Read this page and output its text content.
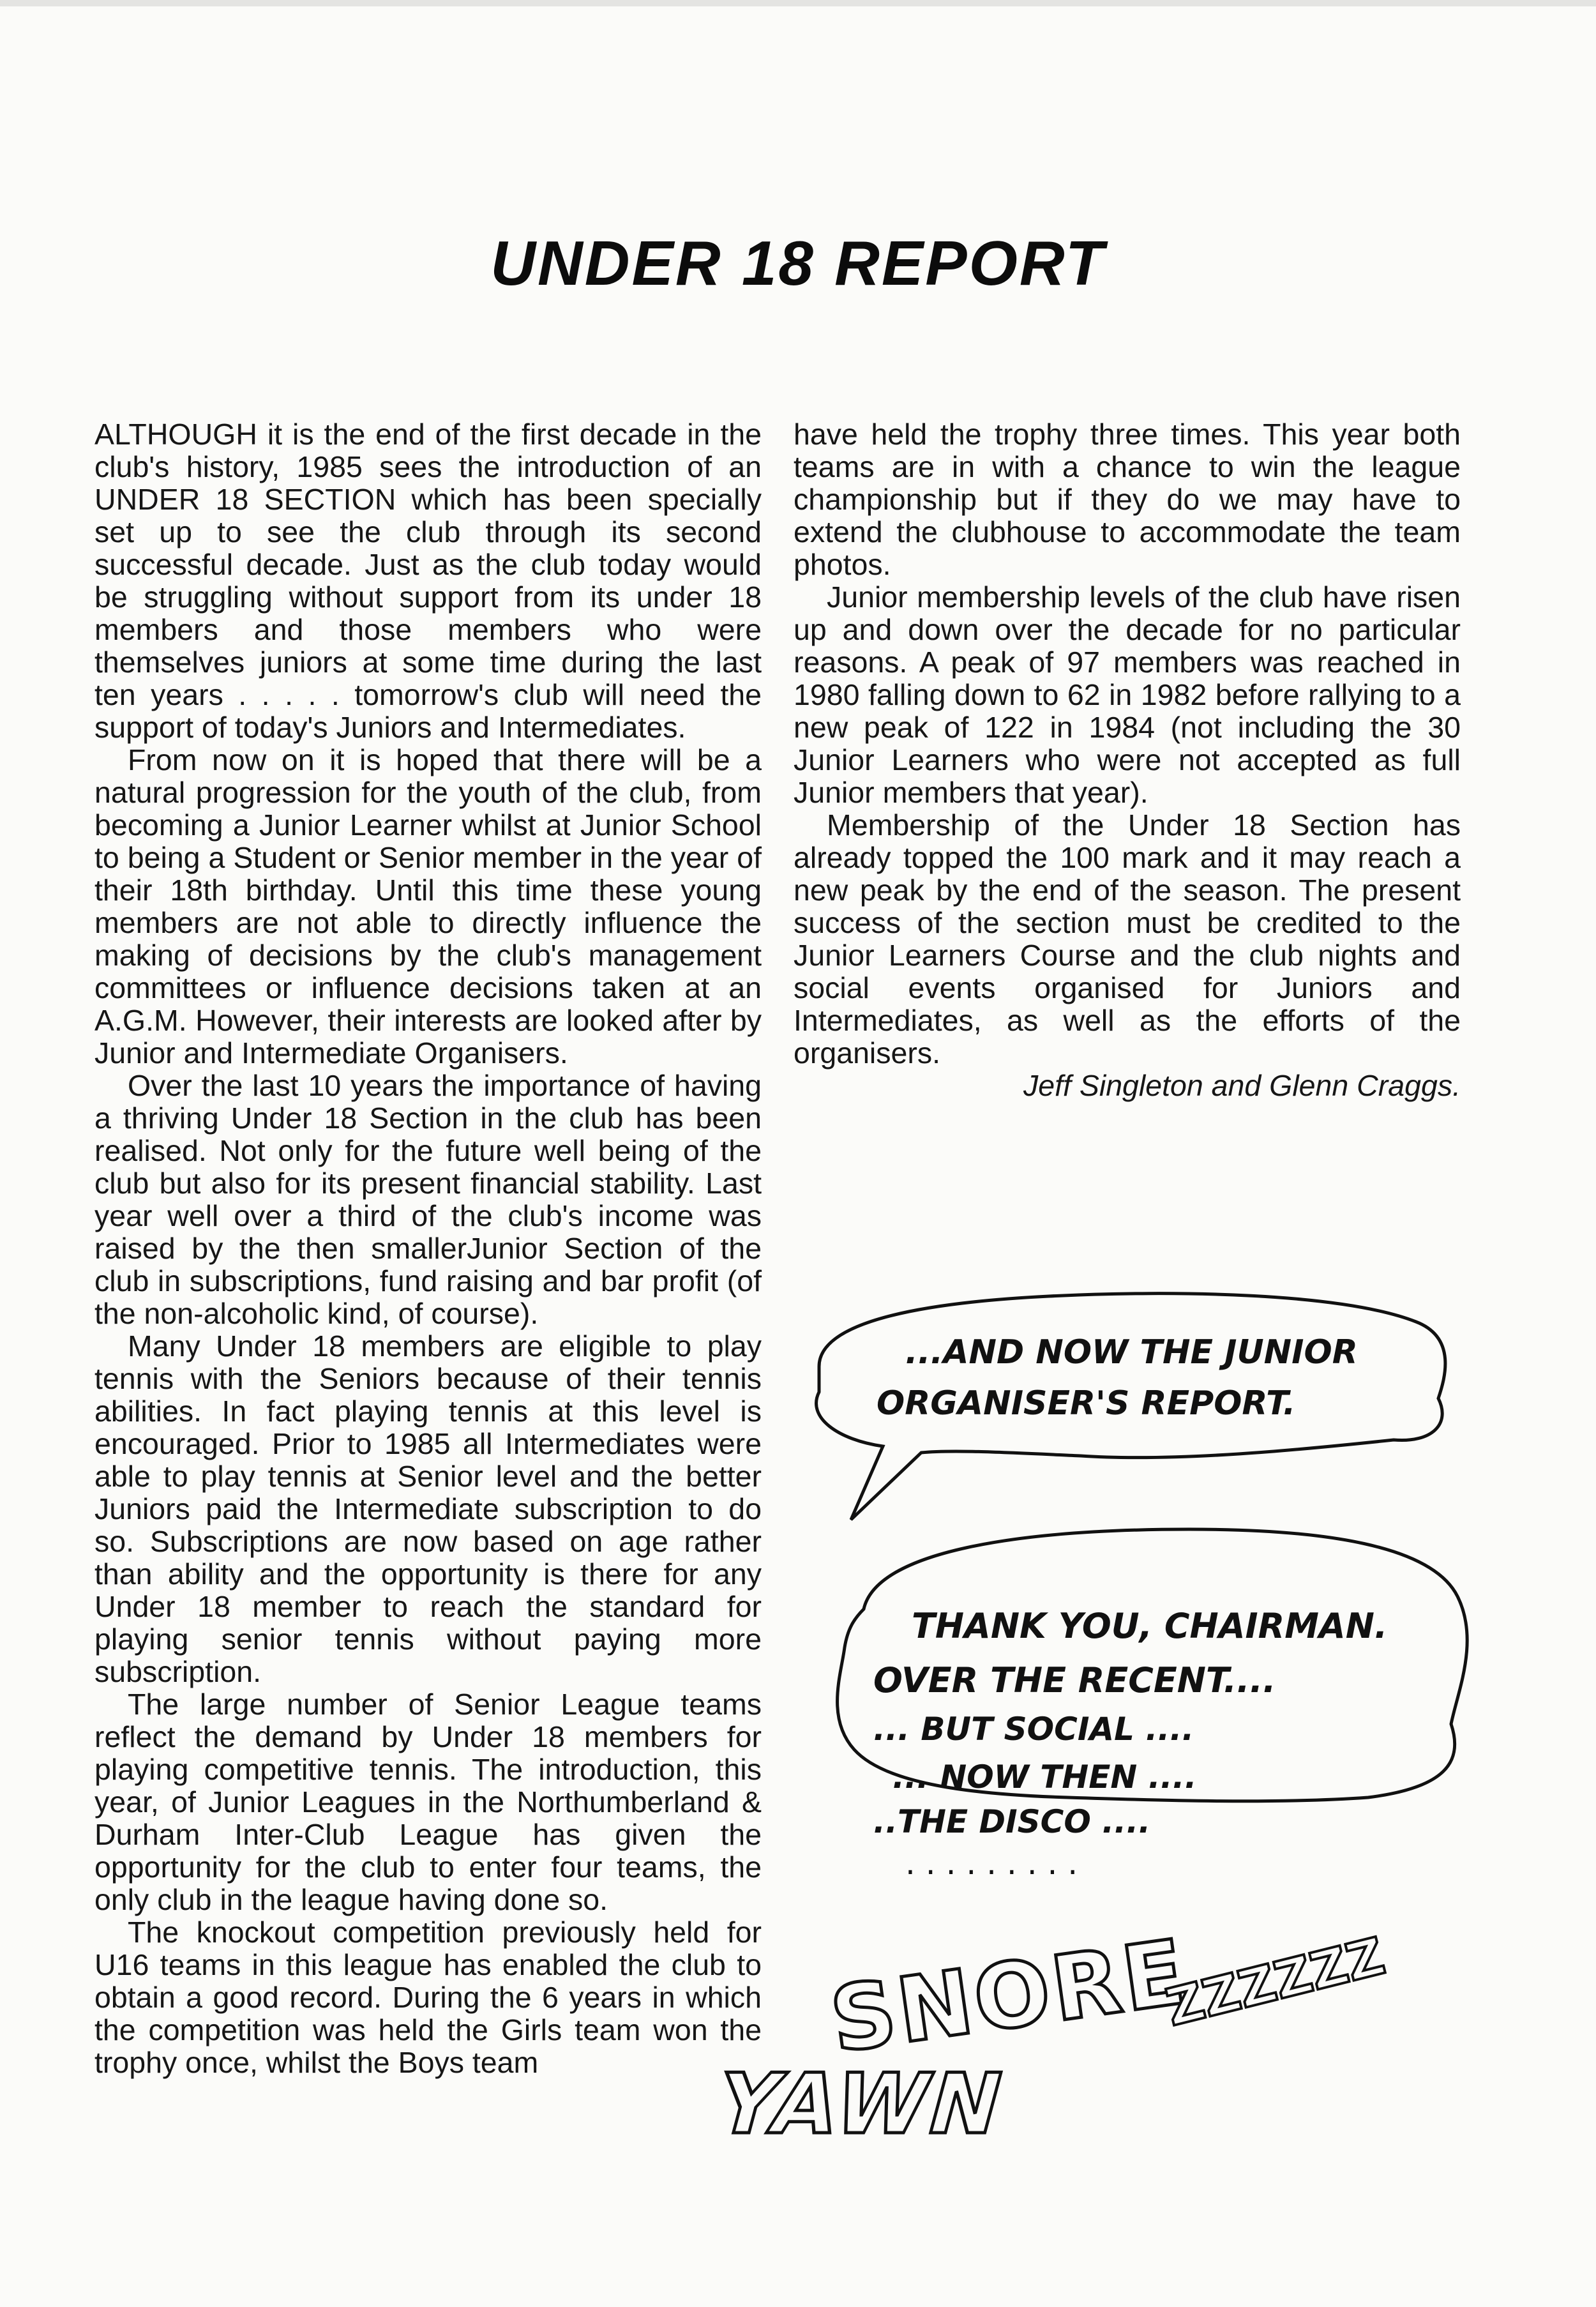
UNDER 18 REPORT

ALTHOUGH it is the end of the first decade in the club's history, 1985 sees the introduction of an UNDER 18 SECTION which has been specially set up to see the club through its second successful decade. Just as the club today would be struggling without support from its under 18 members and those members who were themselves juniors at some time during the last ten years . . . . . tomorrow's club will need the support of today's Juniors and Intermediates.

From now on it is hoped that there will be a natural progression for the youth of the club, from becoming a Junior Learner whilst at Junior School to being a Student or Senior member in the year of their 18th birthday. Until this time these young members are not able to directly influence the making of decisions by the club's management committees or influence decisions taken at an A.G.M. However, their interests are looked after by Junior and Intermediate Organisers.

Over the last 10 years the importance of having a thriving Under 18 Section in the club has been realised. Not only for the future well being of the club but also for its present financial stability. Last year well over a third of the club's income was raised by the then smallerJunior Section of the club in subscriptions, fund raising and bar profit (of the non-alcoholic kind, of course).

Many Under 18 members are eligible to play tennis with the Seniors because of their tennis abilities. In fact playing tennis at this level is encouraged. Prior to 1985 all Intermediates were able to play tennis at Senior level and the better Juniors paid the Intermediate subscription to do so. Subscriptions are now based on age rather than ability and the opportunity is there for any Under 18 member to reach the standard for playing senior tennis without paying more subscription.

The large number of Senior League teams reflect the demand by Under 18 members for playing competitive tennis. The introduction, this year, of Junior Leagues in the Northumberland & Durham Inter-Club League has given the opportunity for the club to enter four teams, the only club in the league having done so.

The knockout competition previously held for U16 teams in this league has enabled the club to obtain a good record. During the 6 years in which the competition was held the Girls team won the trophy once, whilst the Boys team

have held the trophy three times. This year both teams are in with a chance to win the league championship but if they do we may have to extend the clubhouse to accommodate the team photos.

Junior membership levels of the club have risen up and down over the decade for no particular reasons. A peak of 97 members was reached in 1980 falling down to 62 in 1982 before rallying to a new peak of 122 in 1984 (not including the 30 Junior Learners who were not accepted as full Junior members that year).

Membership of the Under 18 Section has already topped the 100 mark and it may reach a new peak by the end of the season. The present success of the section must be credited to the Junior Learners Course and the club nights and social events organised for Juniors and Intermediates, as well as the efforts of the organisers.

Jeff Singleton and Glenn Craggs.

...AND NOW THE JUNIOR
ORGANISER'S REPORT.
THANK YOU, CHAIRMAN.
OVER THE RECENT....
... BUT SOCIAL ....
... NOW THEN ....
..THE DISCO ....
. . . . . . . . .
SNORE
YAWN
ZZZZZZ
